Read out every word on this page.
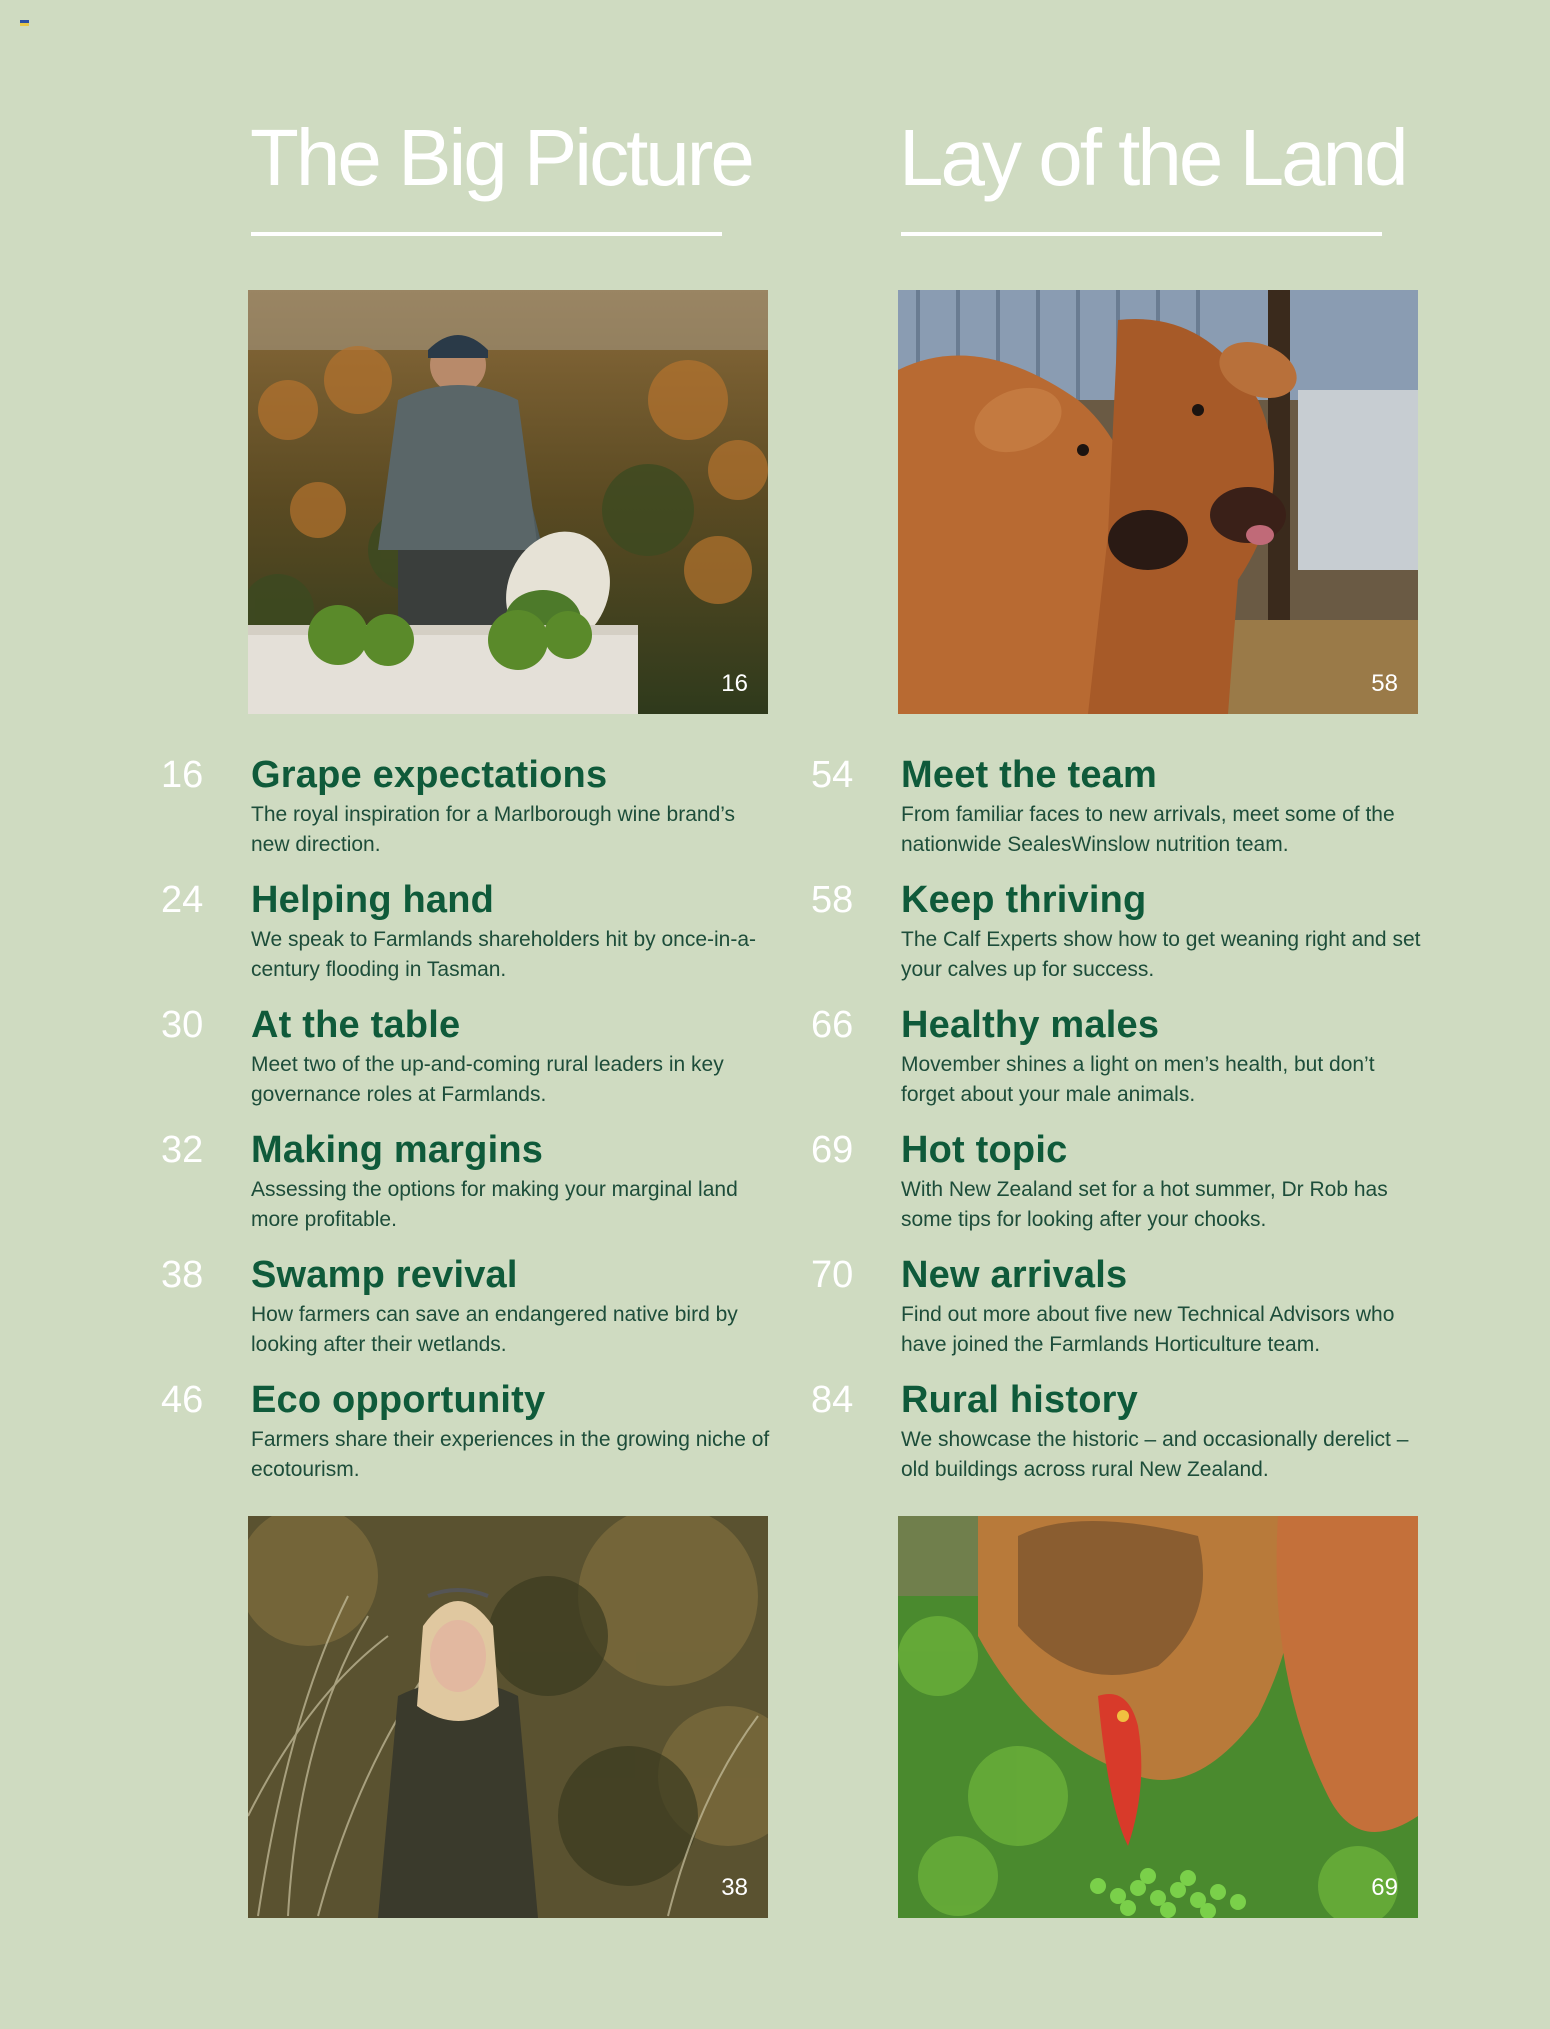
The Big Picture Lay of the Land
16	58
16 Grape expectations
The royal inspiration for a Marlborough wine brand’s new direction.
24 Helping hand
We speak to Farmlands shareholders hit by once-in-a-century flooding in Tasman.
30 At the table
Meet two of the up-and-coming rural leaders in key governance roles at Farmlands.
32 Making margins
Assessing the options for making your marginal land more profitable.
38 Swamp revival
How farmers can save an endangered native bird by looking after their wetlands.
46 Eco opportunity
Farmers share their experiences in the growing niche of ecotourism.
54 Meet the team
From familiar faces to new arrivals, meet some of the nationwide SealesWinslow nutrition team.
58 Keep thriving
The Calf Experts show how to get weaning right and set your calves up for success.
66 Healthy males
Movember shines a light on men’s health, but don’t forget about your male animals.
69 Hot topic
With New Zealand set for a hot summer, Dr Rob has some tips for looking after your chooks.
70 New arrivals
Find out more about five new Technical Advisors who have joined the Farmlands Horticulture team.
84 Rural history
We showcase the historic – and occasionally derelict – old buildings across rural New Zealand.
38	69
